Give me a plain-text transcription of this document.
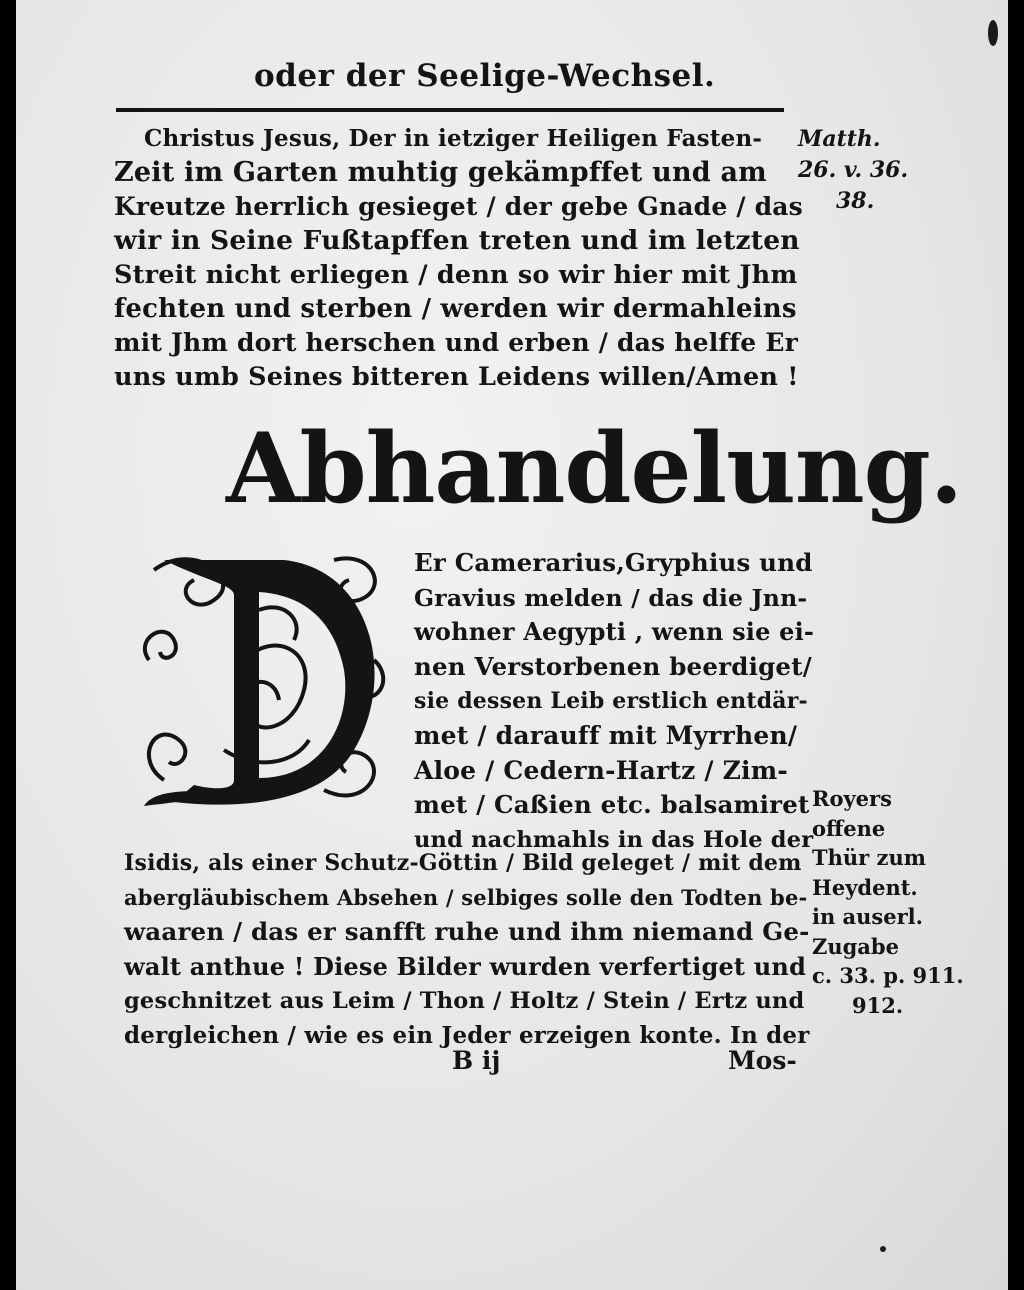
oder der Seelige-Wechsel.
Christus Jesus, Der in ietziger Heiligen Fasten-
Zeit im Garten muhtig gekämpffet und am
Kreutze herrlich gesieget / der gebe Gnade / das
wir in Seine Fußtapffen treten und im letzten
Streit nicht erliegen / denn so wir hier mit Jhm
fechten und sterben / werden wir dermahleins
mit Jhm dort herschen und erben / das helffe Er
uns umb Seines bitteren Leidens willen/Amen !
Matth.
26. v. 36.
38.
Abhandelung.
Er Camerarius,Gryphius und
Gravius melden / das die Jnn-
wohner Aegypti , wenn sie ei-
nen Verstorbenen beerdiget/
sie dessen Leib erstlich entdär-
met / darauff mit Myrrhen/
Aloe / Cedern-Hartz / Zim-
met / Caßien etc. balsamiret
und nachmahls in das Hole der
Isidis, als einer Schutz-Göttin / Bild geleget / mit dem
abergläubischem Absehen / selbiges solle den Todten be-
waaren / das er sanfft ruhe und ihm niemand Ge-
walt anthue ! Diese Bilder wurden verfertiget und
geschnitzet aus Leim / Thon / Holtz / Stein / Ertz und
dergleichen / wie es ein Jeder erzeigen konte. In der
Royers
offene
Thür zum
Heydent.
in auserl.
Zugabe
c. 33. p. 911.
912.
B ij	Mos-
